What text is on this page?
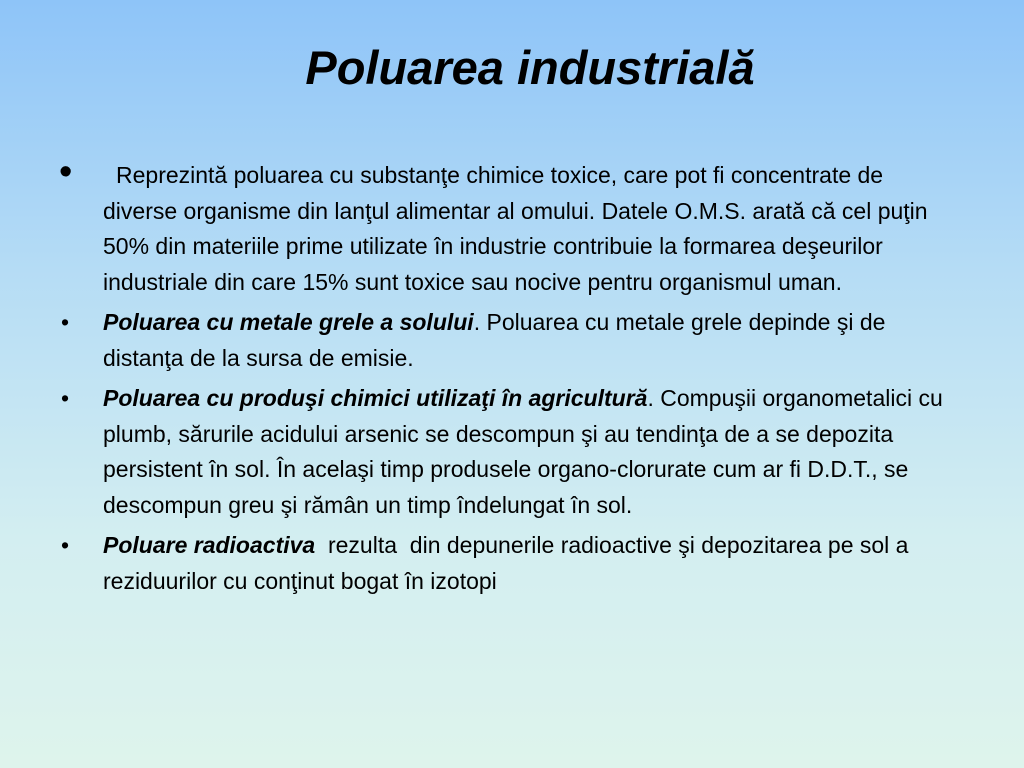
Poluarea industrială
• Reprezintă poluarea cu substanţe chimice toxice, care pot fi concentrate de diverse organisme din lanţul alimentar al omului. Datele O.M.S. arată că cel puţin 50% din materiile prime utilizate în industrie contribuie la formarea deşeurilor industriale din care 15% sunt toxice sau nocive pentru organismul uman.
• Poluarea cu metale grele a solului. Poluarea cu metale grele depinde şi de distanţa de la sursa de emisie.
• Poluarea cu produşi chimici utilizaţi în agricultură. Compuşii organometalici cu plumb, sărurile acidului arsenic se descompun şi au tendinţa de a se depozita persistent în sol. În acelaşi timp produsele organo-clorurate cum ar fi D.D.T., se descompun greu şi rămân un timp îndelungat în sol.
• Poluare radioactiva  rezulta  din depunerile radioactive şi depozitarea pe sol a reziduurilor cu conţinut bogat în izotopi
